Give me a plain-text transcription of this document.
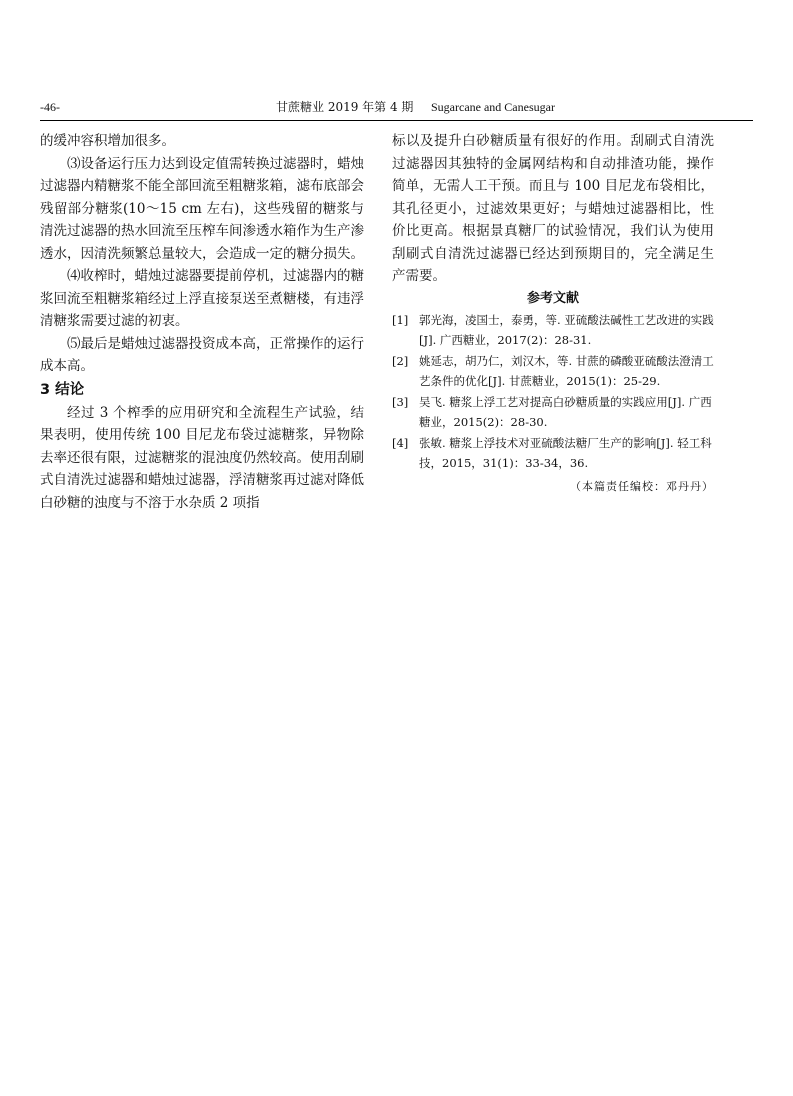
-46-	甘蔗糖业 2019 年第 4 期 Sugarcane and Canesugar

的缓冲容积增加很多。

⑶设备运行压力达到设定值需转换过滤器时，蜡烛过滤器内精糖浆不能全部回流至粗糖浆箱，滤布底部会残留部分糖浆(10～15 cm 左右)，这些残留的糖浆与清洗过滤器的热水回流至压榨车间渗透水箱作为生产渗透水，因清洗频繁总量较大，会造成一定的糖分损失。

⑷收榨时，蜡烛过滤器要提前停机，过滤器内的糖浆回流至粗糖浆箱经过上浮直接泵送至煮糖楼，有违浮清糖浆需要过滤的初衷。

⑸最后是蜡烛过滤器投资成本高，正常操作的运行成本高。

3 结论

经过 3 个榨季的应用研究和全流程生产试验，结果表明，使用传统 100 目尼龙布袋过滤糖浆，异物除去率还很有限，过滤糖浆的混浊度仍然较高。使用刮刷式自清洗过滤器和蜡烛过滤器，浮清糖浆再过滤对降低白砂糖的浊度与不溶于水杂质 2 项指

标以及提升白砂糖质量有很好的作用。刮刷式自清洗过滤器因其独特的金属网结构和自动排渣功能，操作简单，无需人工干预。而且与 100 目尼龙布袋相比，其孔径更小，过滤效果更好；与蜡烛过滤器相比，性价比更高。根据景真糖厂的试验情况，我们认为使用刮刷式自清洗过滤器已经达到预期目的，完全满足生产需要。

参考文献

[1] 郭光海，凌国士，泰勇，等. 亚硫酸法碱性工艺改进的实践[J]. 广西糖业，2017(2)：28-31.
[2] 姚延志，胡乃仁，刘汉木，等. 甘蔗的磷酸亚硫酸法澄清工艺条件的优化[J]. 甘蔗糖业，2015(1)：25-29.
[3] 吴飞. 糖浆上浮工艺对提高白砂糖质量的实践应用[J]. 广西糖业，2015(2)：28-30.
[4] 张敏. 糖浆上浮技术对亚硫酸法糖厂生产的影响[J]. 轻工科技，2015，31(1)：33-34，36.
（本篇责任编校：邓丹丹）
